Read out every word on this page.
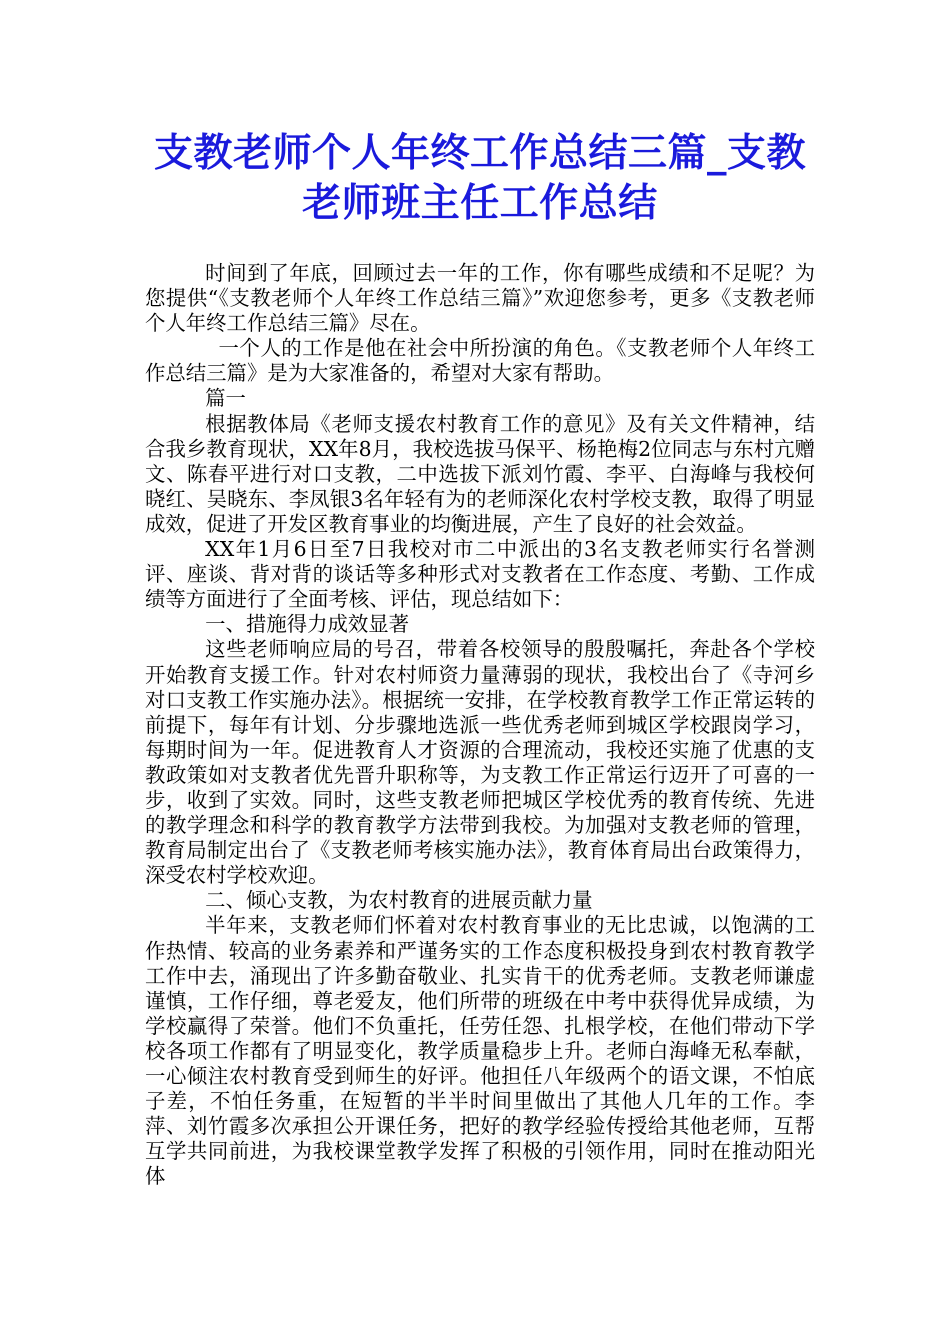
支教老师个人年终工作总结三篇_支教老师班主任工作总结

时间到了年底，回顾过去一年的工作，你有哪些成绩和不足呢？为您提供“《支教老师个人年终工作总结三篇》”欢迎您参考，更多《支教老师个人年终工作总结三篇》尽在。

一个人的工作是他在社会中所扮演的角色。《支教老师个人年终工作总结三篇》是为大家准备的，希望对大家有帮助。

篇一

根据教体局《老师支援农村教育工作的意见》及有关文件精神，结合我乡教育现状，XX年8月，我校选拔马保平、杨艳梅2位同志与东村亢赠文、陈春平进行对口支教，二中选拔下派刘竹霞、李平、白海峰与我校何晓红、吴晓东、李凤银3名年轻有为的老师深化农村学校支教，取得了明显成效，促进了开发区教育事业的均衡进展，产生了良好的社会效益。

XX年1月6日至7日我校对市二中派出的3名支教老师实行名誉测评、座谈、背对背的谈话等多种形式对支教者在工作态度、考勤、工作成绩等方面进行了全面考核、评估，现总结如下：

一、措施得力成效显著

这些老师响应局的号召，带着各校领导的殷殷嘱托，奔赴各个学校开始教育支援工作。针对农村师资力量薄弱的现状，我校出台了《寺河乡对口支教工作实施办法》。根据统一安排，在学校教育教学工作正常运转的前提下，每年有计划、分步骤地选派一些优秀老师到城区学校跟岗学习，每期时间为一年。促进教育人才资源的合理流动，我校还实施了优惠的支教政策如对支教者优先晋升职称等，为支教工作正常运行迈开了可喜的一步，收到了实效。同时，这些支教老师把城区学校优秀的教育传统、先进的教学理念和科学的教育教学方法带到我校。为加强对支教老师的管理，教育局制定出台了《支教老师考核实施办法》，教育体育局出台政策得力，深受农村学校欢迎。

二、倾心支教，为农村教育的进展贡献力量

半年来，支教老师们怀着对农村教育事业的无比忠诚，以饱满的工作热情、较高的业务素养和严谨务实的工作态度积极投身到农村教育教学工作中去，涌现出了许多勤奋敬业、扎实肯干的优秀老师。支教老师谦虚谨慎，工作仔细，尊老爱友，他们所带的班级在中考中获得优异成绩，为学校赢得了荣誉。他们不负重托，任劳任怨、扎根学校，在他们带动下学校各项工作都有了明显变化，教学质量稳步上升。老师白海峰无私奉献，一心倾注农村教育受到师生的好评。他担任八年级两个的语文课，不怕底子差，不怕任务重，在短暂的半半时间里做出了其他人几年的工作。李萍、刘竹霞多次承担公开课任务，把好的教学经验传授给其他老师，互帮互学共同前进，为我校课堂教学发挥了积极的引领作用，同时在推动阳光体
